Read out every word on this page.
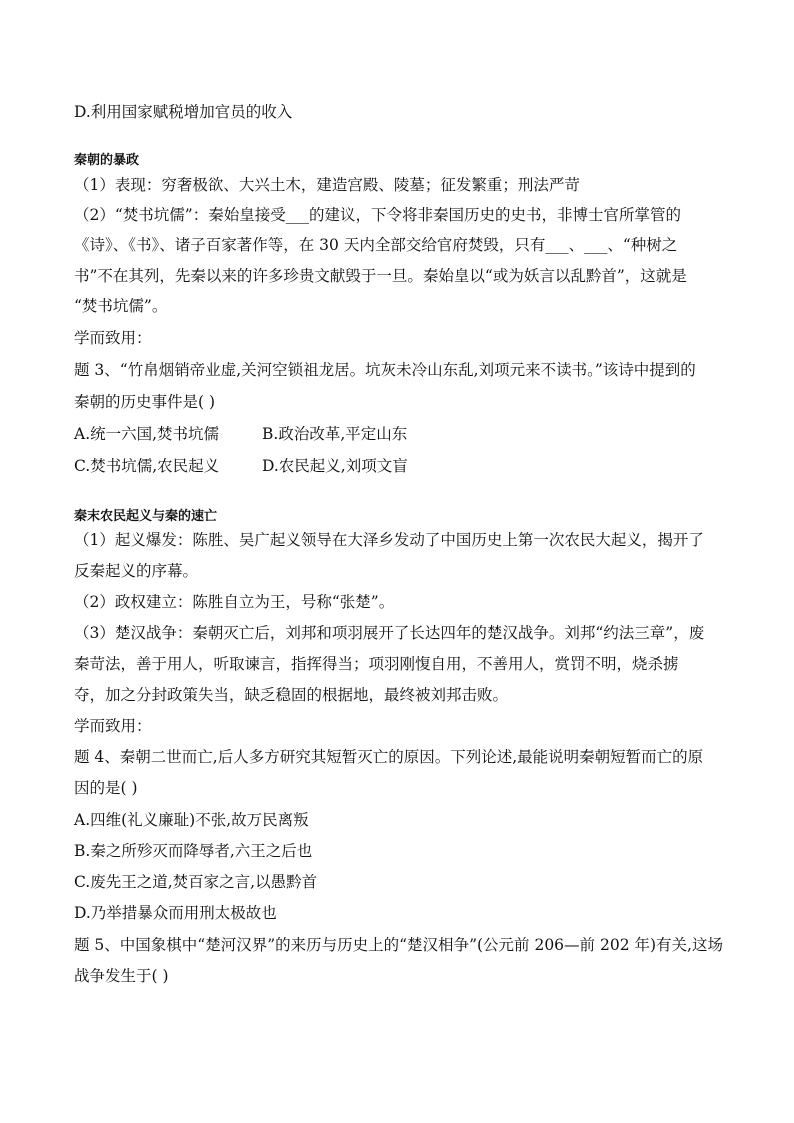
D.利用国家赋税增加官员的收入
秦朝的暴政
（1）表现：穷奢极欲、大兴土木，建造宫殿、陵墓；征发繁重；刑法严苛
（2）“焚书坑儒”：秦始皇接受___的建议，下令将非秦国历史的史书，非博士官所掌管的
《诗》、《书》、诸子百家著作等，在 30 天内全部交给官府焚毁，只有___、___、“种树之
书”不在其列，先秦以来的许多珍贵文献毁于一旦。秦始皇以“或为妖言以乱黔首”，这就是
“焚书坑儒”。
学而致用：
题 3、“竹帛烟销帝业虚,关河空锁祖龙居。坑灰未冷山东乱,刘项元来不读书。”该诗中提到的
秦朝的历史事件是( )
A.统一六国,焚书坑儒	B.政治改革,平定山东
C.焚书坑儒,农民起义	D.农民起义,刘项文盲
秦末农民起义与秦的速亡
（1）起义爆发：陈胜、吴广起义领导在大泽乡发动了中国历史上第一次农民大起义，揭开了
反秦起义的序幕。
（2）政权建立：陈胜自立为王，号称“张楚”。
（3）楚汉战争：秦朝灭亡后，刘邦和项羽展开了长达四年的楚汉战争。刘邦“约法三章”，废
秦苛法，善于用人，听取谏言，指挥得当；项羽刚愎自用，不善用人，赏罚不明，烧杀掳
夺，加之分封政策失当，缺乏稳固的根据地，最终被刘邦击败。
学而致用：
题 4、秦朝二世而亡,后人多方研究其短暂灭亡的原因。下列论述,最能说明秦朝短暂而亡的原
因的是( )
A.四维(礼义廉耻)不张,故万民离叛
B.秦之所殄灭而降辱者,六王之后也
C.废先王之道,焚百家之言,以愚黔首
D.乃举措暴众而用刑太极故也
题 5、中国象棋中“楚河汉界”的来历与历史上的“楚汉相争”(公元前 206—前 202 年)有关,这场
战争发生于( )
